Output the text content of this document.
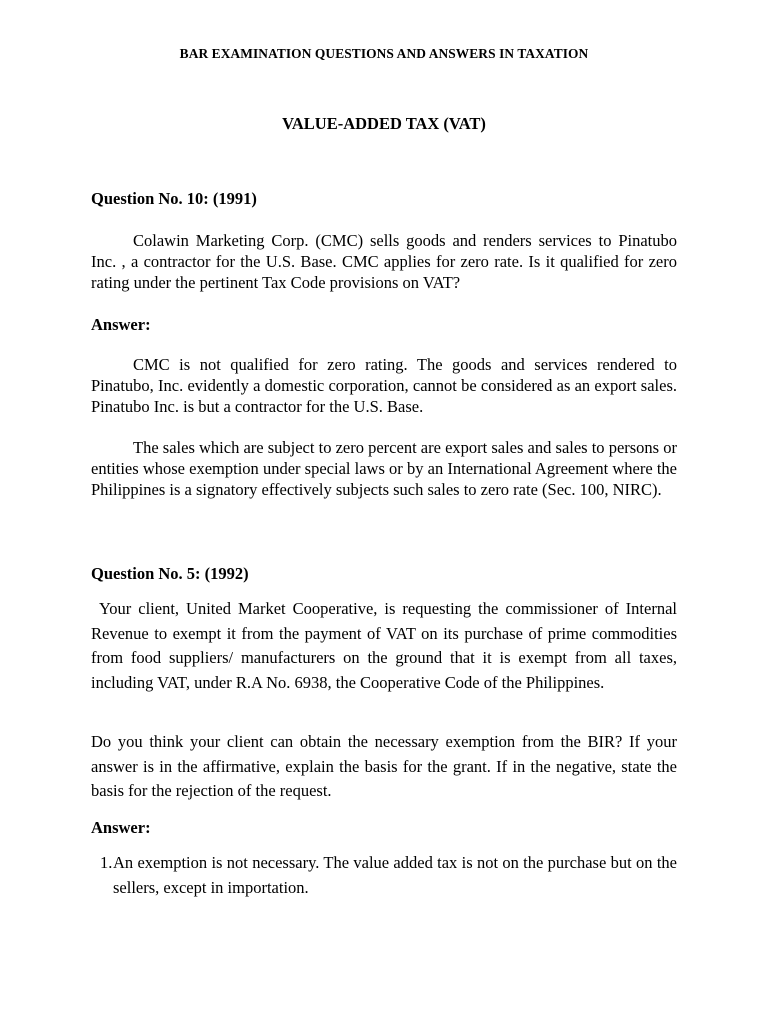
BAR EXAMINATION QUESTIONS AND ANSWERS IN TAXATION
VALUE-ADDED TAX (VAT)
Question No. 10: (1991)
Colawin Marketing Corp. (CMC) sells goods and renders services to Pinatubo Inc. , a contractor for the U.S. Base. CMC applies for zero rate. Is it qualified for zero rating under the pertinent Tax Code provisions on VAT?
Answer:
CMC is not qualified for zero rating. The goods and services rendered to Pinatubo, Inc. evidently a domestic corporation, cannot be considered as an export sales. Pinatubo Inc. is but a contractor for the U.S. Base.
The sales which are subject to zero percent are export sales and sales to persons or entities whose exemption under special laws or by an International Agreement where the Philippines is a signatory effectively subjects such sales to zero rate (Sec. 100, NIRC).
Question No. 5: (1992)
Your client, United Market Cooperative, is requesting the commissioner of Internal Revenue to exempt it from the payment of VAT on its purchase of prime commodities from food suppliers/ manufacturers on the ground that it is exempt from all taxes, including VAT, under R.A No. 6938, the Cooperative Code of the Philippines.
Do you think your client can obtain the necessary exemption from the BIR? If your answer is in the affirmative, explain the basis for the grant. If in the negative, state the basis for the rejection of the request.
Answer:
1. An exemption is not necessary. The value added tax is not on the purchase but on the sellers, except in importation.
